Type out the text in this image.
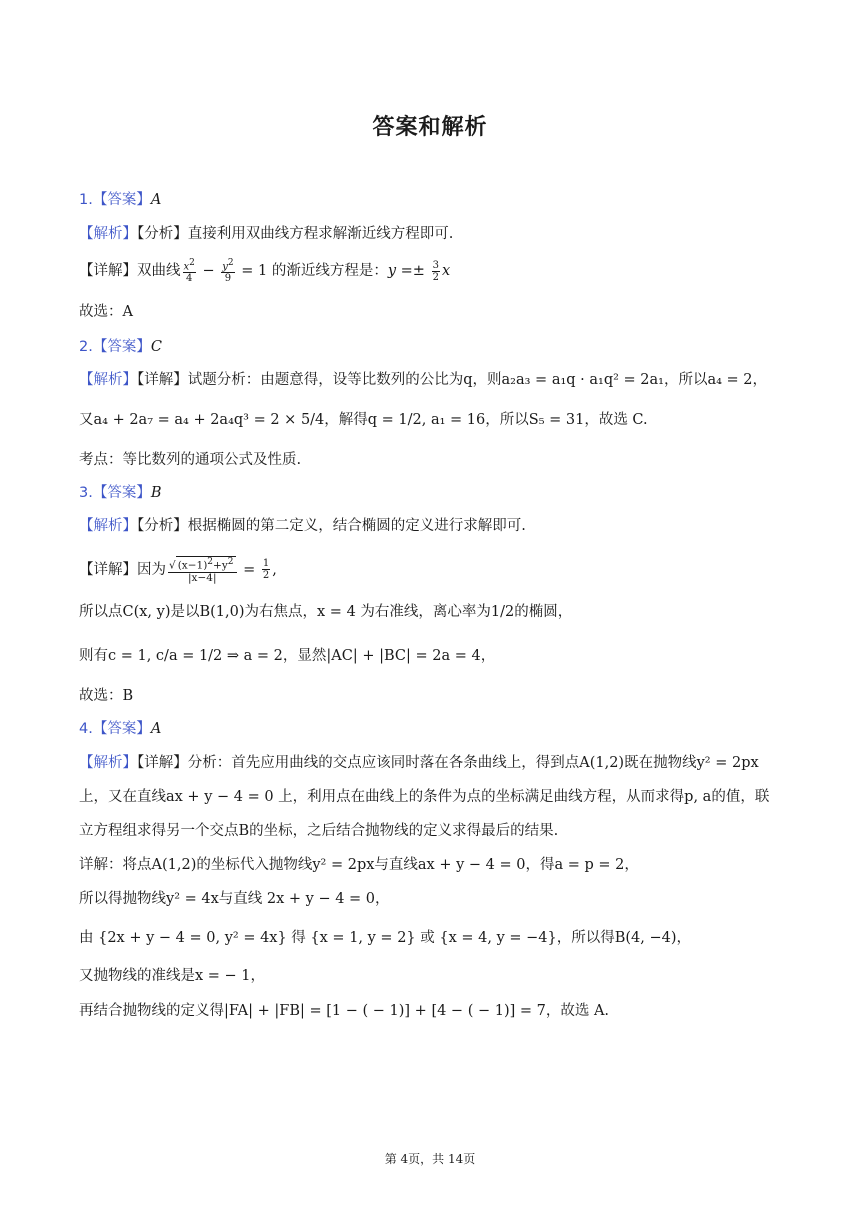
答案和解析
1.【答案】A
【解析】【分析】直接利用双曲线方程求解渐近线方程即可.
【详解】双曲线 $\frac{x^2}{4} - \frac{y^2}{9} = 1$ 的渐近线方程是：$y =\pm \frac{3}{2}$ x
故选：A
2.【答案】C
【解析】【详解】试题分析：由题意得，设等比数列的公比为q，则a₂a₃ = a₁q · a₁q² = 2a₁，所以a₄ = 2，
又a₄ + 2a₇ = a₄ + 2a₄q³ = 2 × 5/4，解得q = 1/2, a₁ = 16，所以S₅ = 31，故选 C.
考点：等比数列的通项公式及性质.
3.【答案】B
【解析】【分析】根据椭圆的第二定义，结合椭圆的定义进行求解即可.
【详解】因为 $\frac{√ (x-1)^2+y^2}{|x-4|} = \frac{1}{2}$ ,
所以点C(x, y)是以B(1,0)为右焦点，x = 4 为右准线，离心率为1/2的椭圆，
则有c = 1, c/a = 1/2 ⇒ a = 2，显然|AC| + |BC| = 2a = 4，
故选：B
4.【答案】A
【解析】【详解】分析：首先应用曲线的交点应该同时落在各条曲线上，得到点A(1,2)既在抛物线y² = 2px
上，又在直线ax + y − 4 = 0 上，利用点在曲线上的条件为点的坐标满足曲线方程，从而求得p, a的值，联
立方程组求得另一个交点B的坐标，之后结合抛物线的定义求得最后的结果.
详解：将点A(1,2)的坐标代入抛物线y² = 2px与直线ax + y − 4 = 0，得a = p = 2，
所以得抛物线y² = 4x与直线 2x + y − 4 = 0，
由 {2x + y − 4 = 0, y² = 4x} 得 {x = 1, y = 2} 或 {x = 4, y = −4}，所以得B(4, −4)，
又抛物线的准线是x = − 1，
再结合抛物线的定义得|FA| + |FB| = [1 − ( − 1)] + [4 − ( − 1)] = 7，故选 A.
第 4页，共 14页
